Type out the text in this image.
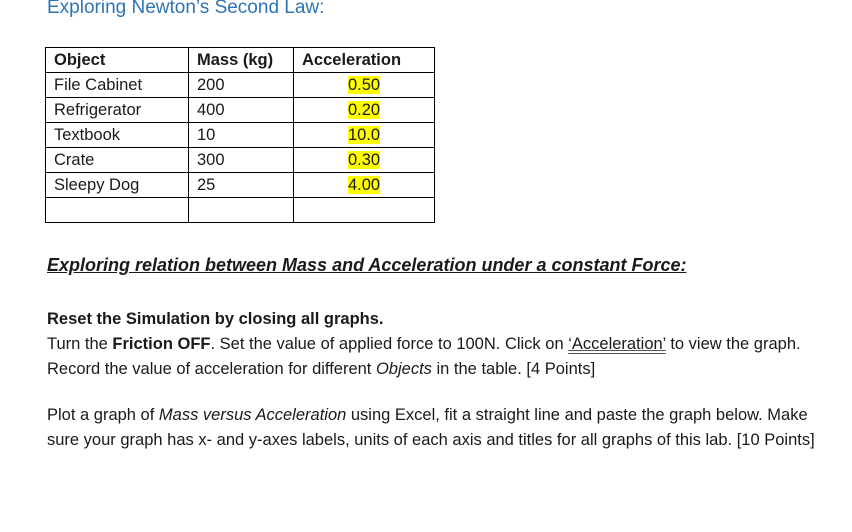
Exploring Newton’s Second Law:
Object	Mass (kg)	Acceleration
File Cabinet	200	0.50
Refrigerator	400	0.20
Textbook	10	10.0
Crate	300	0.30
Sleepy Dog	25	4.00

Exploring relation between Mass and Acceleration under a constant Force:
Reset the Simulation by closing all graphs.
Turn the Friction OFF. Set the value of applied force to 100N. Click on ‘Acceleration’ to view the graph. Record the value of acceleration for different Objects in the table. [4 Points]
Plot a graph of Mass versus Acceleration using Excel, fit a straight line and paste the graph below. Make sure your graph has x- and y-axes labels, units of each axis and titles for all graphs of this lab. [10 Points]
